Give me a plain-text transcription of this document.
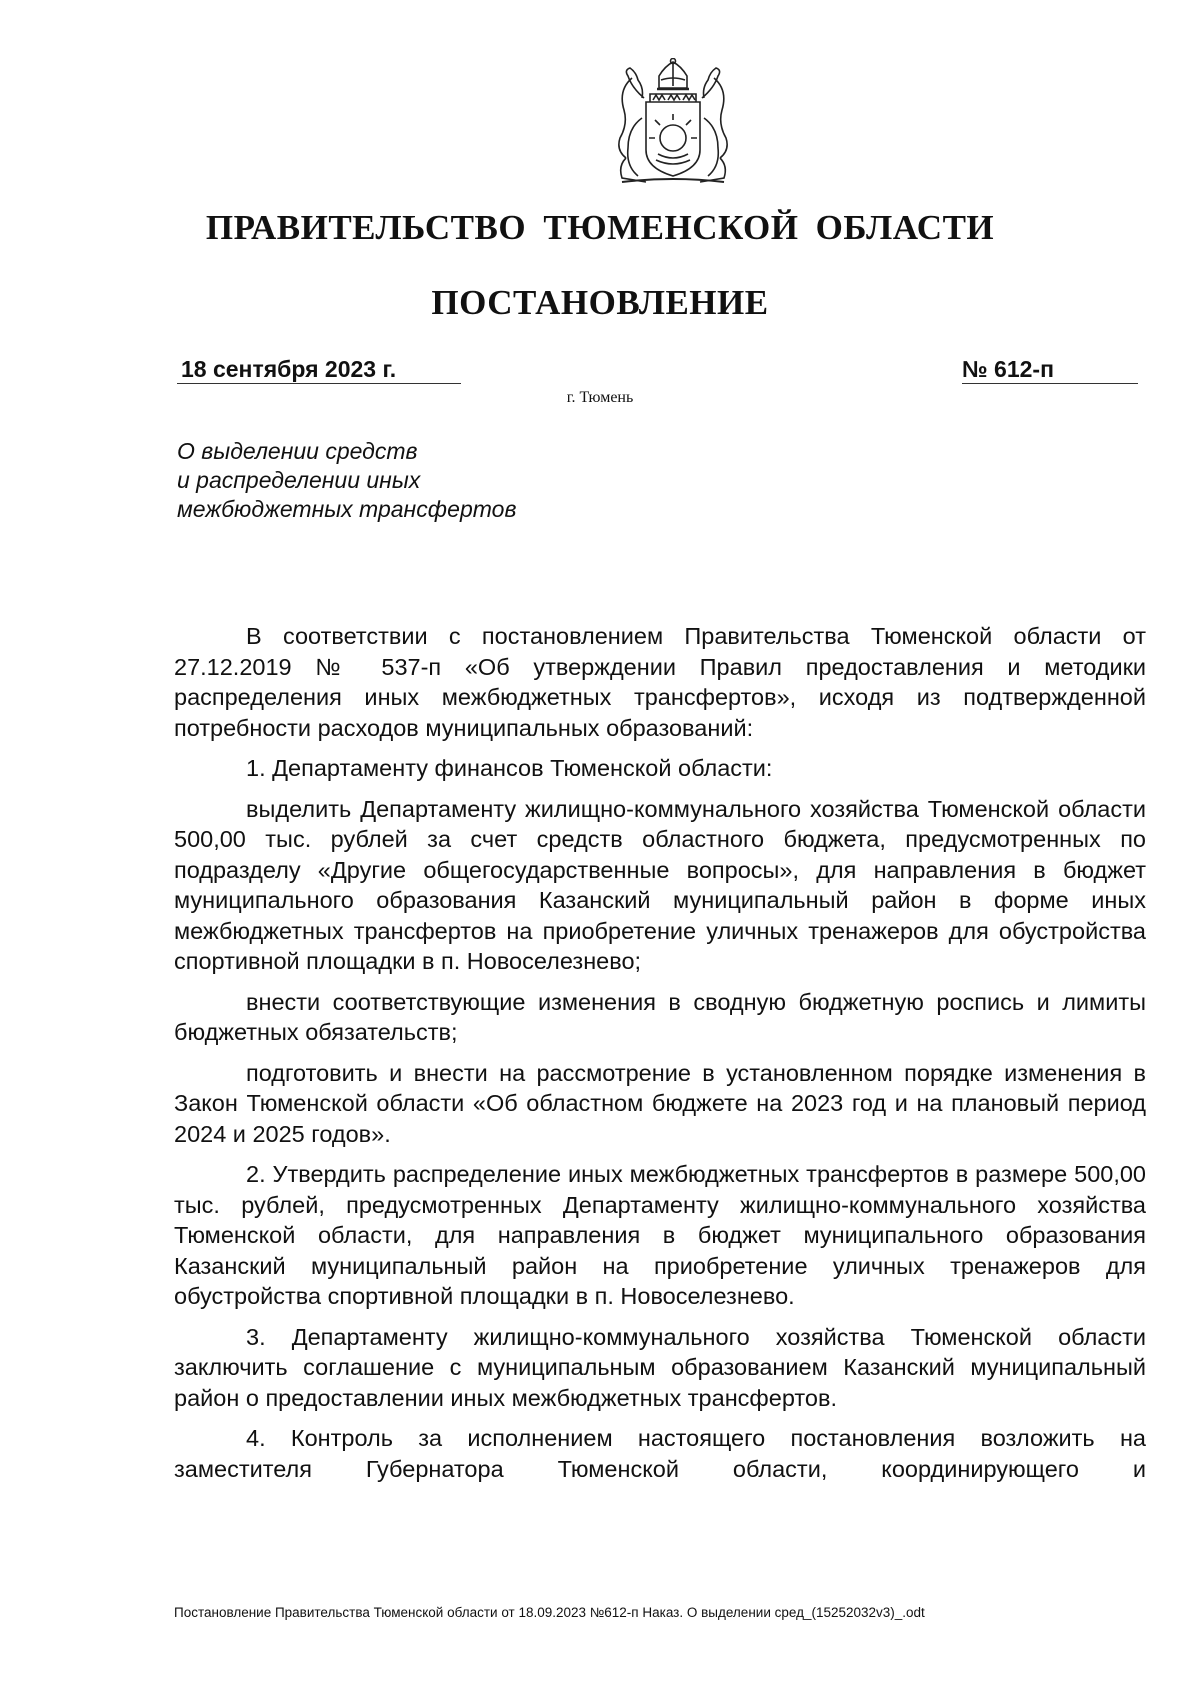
ПРАВИТЕЛЬСТВО ТЮМЕНСКОЙ ОБЛАСТИ
ПОСТАНОВЛЕНИЕ
18 сентября 2023 г.	№ 612-п
г. Тюмень
О выделении средств
и распределении иных
межбюджетных трансфертов

В соответствии с постановлением Правительства Тюменской области от 27.12.2019 № 537-п «Об утверждении Правил предоставления и методики распределения иных межбюджетных трансфертов», исходя из подтвержденной потребности расходов муниципальных образований:

1. Департаменту финансов Тюменской области:

выделить Департаменту жилищно-коммунального хозяйства Тюменской области 500,00 тыс. рублей за счет средств областного бюджета, предусмотренных по подразделу «Другие общегосударственные вопросы», для направления в бюджет муниципального образования Казанский муниципальный район в форме иных межбюджетных трансфертов на приобретение уличных тренажеров для обустройства спортивной площадки в п. Новоселезнево;

внести соответствующие изменения в сводную бюджетную роспись и лимиты бюджетных обязательств;

подготовить и внести на рассмотрение в установленном порядке изменения в Закон Тюменской области «Об областном бюджете на 2023 год и на плановый период 2024 и 2025 годов».

2. Утвердить распределение иных межбюджетных трансфертов в размере 500,00 тыс. рублей, предусмотренных Департаменту жилищно-коммунального хозяйства Тюменской области, для направления в бюджет муниципального образования Казанский муниципальный район на приобретение уличных тренажеров для обустройства спортивной площадки в п. Новоселезнево.

3. Департаменту жилищно-коммунального хозяйства Тюменской области заключить соглашение с муниципальным образованием Казанский муниципальный район о предоставлении иных межбюджетных трансфертов.

4. Контроль за исполнением настоящего постановления возложить на заместителя Губернатора Тюменской области, координирующего и

Постановление Правительства Тюменской области от 18.09.2023 №612-п Наказ. О выделении сред_(15252032v3)_.odt
